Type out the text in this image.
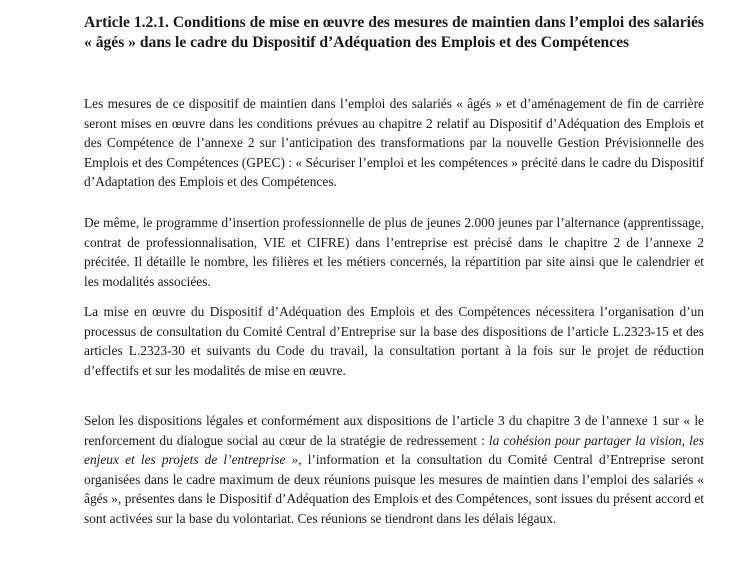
Article 1.2.1. Conditions de mise en œuvre des mesures de maintien dans l’emploi des salariés « âgés » dans le cadre du Dispositif d’Adéquation des Emplois et des Compétences

Les mesures de ce dispositif de maintien dans l’emploi des salariés « âgés » et d’aménagement de fin de carrière seront mises en œuvre dans les conditions prévues au chapitre 2 relatif au Dispositif d’Adéquation des Emplois et des Compétence de l’annexe 2 sur l’anticipation des transformations par la nouvelle Gestion Prévisionnelle des Emplois et des Compétences (GPEC) : « Sécuriser l’emploi et les compétences » précité dans le cadre du Dispositif d’Adaptation des Emplois et des Compétences.

De même, le programme d’insertion professionnelle de plus de jeunes 2.000 jeunes par l’alternance (apprentissage, contrat de professionnalisation, VIE et CIFRE) dans l’entreprise est précisé dans le chapitre 2 de l’annexe 2 précitée. Il détaille le nombre, les filières et les métiers concernés, la répartition par site ainsi que le calendrier et les modalités associées.

La mise en œuvre du Dispositif d’Adéquation des Emplois et des Compétences nécessitera l’organisation d’un processus de consultation du Comité Central d’Entreprise sur la base des dispositions de l’article L.2323-15 et des articles L.2323-30 et suivants du Code du travail, la consultation portant à la fois sur le projet de réduction d’effectifs et sur les modalités de mise en œuvre.

Selon les dispositions légales et conformément aux dispositions de l’article 3 du chapitre 3 de l’annexe 1 sur « le renforcement du dialogue social au cœur de la stratégie de redressement : la cohésion pour partager la vision, les enjeux et les projets de l’entreprise », l’information et la consultation du Comité Central d’Entreprise seront organisées dans le cadre maximum de deux réunions puisque les mesures de maintien dans l’emploi des salariés « âgés », présentes dans le Dispositif d’Adéquation des Emplois et des Compétences, sont issues du présent accord et sont activées sur la base du volontariat. Ces réunions se tiendront dans les délais légaux.
